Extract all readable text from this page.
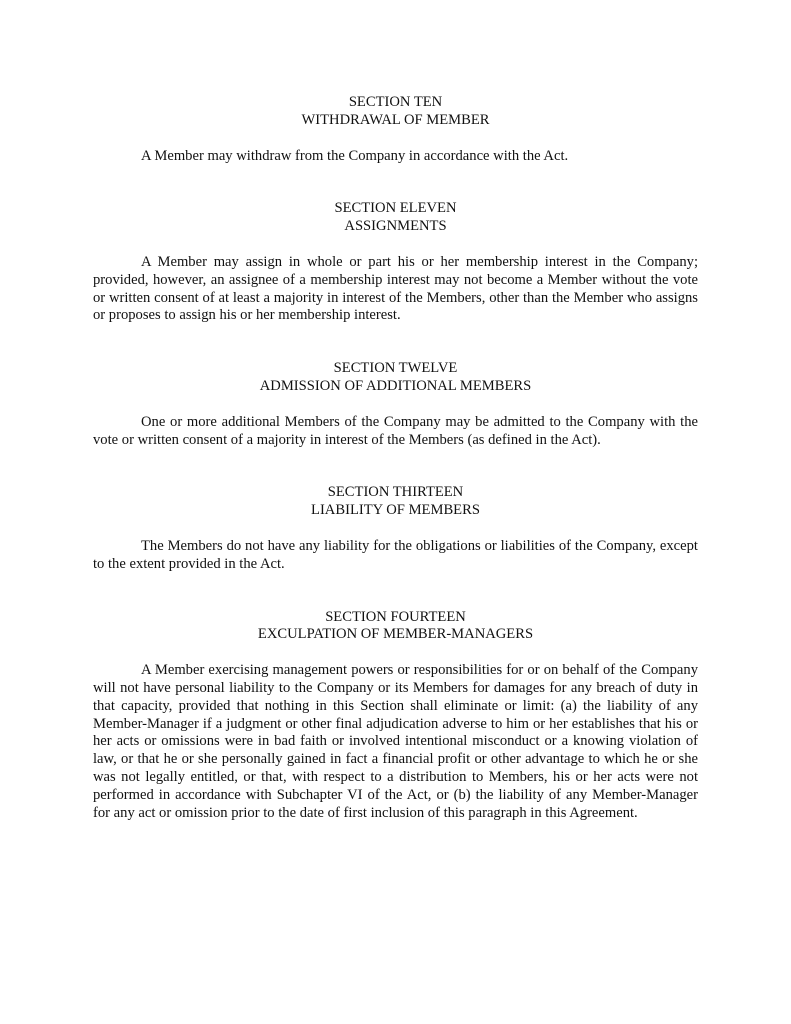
SECTION TEN
WITHDRAWAL OF MEMBER

A Member may withdraw from the Company in accordance with the Act.

SECTION ELEVEN
ASSIGNMENTS

A Member may assign in whole or part his or her membership interest in the Company; provided, however, an assignee of a membership interest may not become a Member without the vote or written consent of at least a majority in interest of the Members, other than the Member who assigns or proposes to assign his or her membership interest.

SECTION TWELVE
ADMISSION OF ADDITIONAL MEMBERS

One or more additional Members of the Company may be admitted to the Company with the vote or written consent of a majority in interest of the Members (as defined in the Act).

SECTION THIRTEEN
LIABILITY OF MEMBERS

The Members do not have any liability for the obligations or liabilities of the Company, except to the extent provided in the Act.

SECTION FOURTEEN
EXCULPATION OF MEMBER-MANAGERS

A Member exercising management powers or responsibilities for or on behalf of the Company will not have personal liability to the Company or its Members for damages for any breach of duty in that capacity, provided that nothing in this Section shall eliminate or limit: (a) the liability of any Member-Manager if a judgment or other final adjudication adverse to him or her establishes that his or her acts or omissions were in bad faith or involved intentional misconduct or a knowing violation of law, or that he or she personally gained in fact a financial profit or other advantage to which he or she was not legally entitled, or that, with respect to a distribution to Members, his or her acts were not performed in accordance with Subchapter VI of the Act, or (b) the liability of any Member-Manager for any act or omission prior to the date of first inclusion of this paragraph in this Agreement.
